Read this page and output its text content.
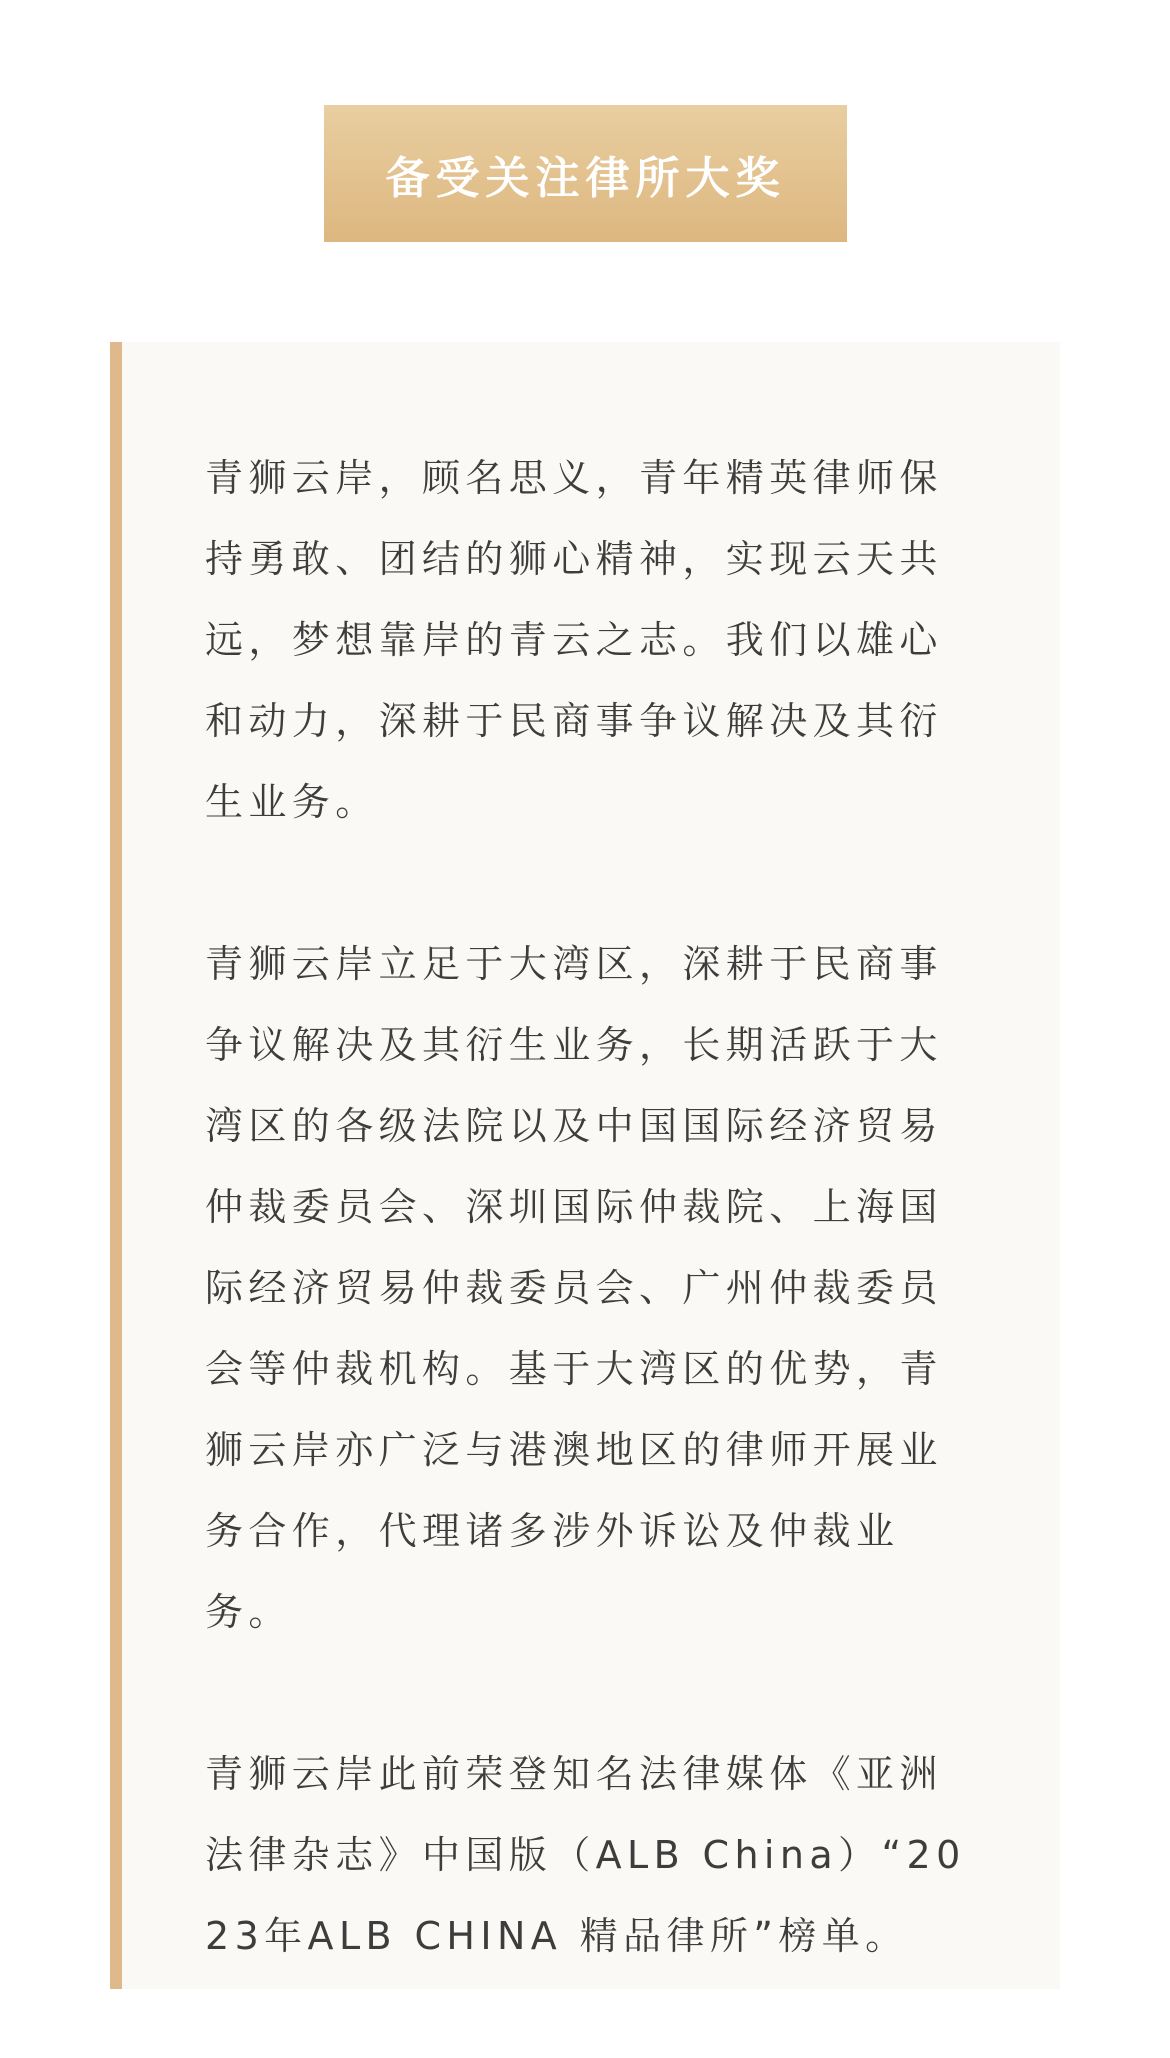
备受关注律所大奖

青狮云岸，顾名思义，青年精英律师保持勇敢、团结的狮心精神，实现云天共远，梦想靠岸的青云之志。我们以雄心和动力，深耕于民商事争议解决及其衍生业务。

青狮云岸立足于大湾区，深耕于民商事争议解决及其衍生业务，长期活跃于大湾区的各级法院以及中国国际经济贸易仲裁委员会、深圳国际仲裁院、上海国际经济贸易仲裁委员会、广州仲裁委员会等仲裁机构。基于大湾区的优势，青狮云岸亦广泛与港澳地区的律师开展业务合作，代理诸多涉外诉讼及仲裁业务。

青狮云岸此前荣登知名法律媒体《亚洲法律杂志》中国版（ALB China）“2023年ALB CHINA 精品律所”榜单。
